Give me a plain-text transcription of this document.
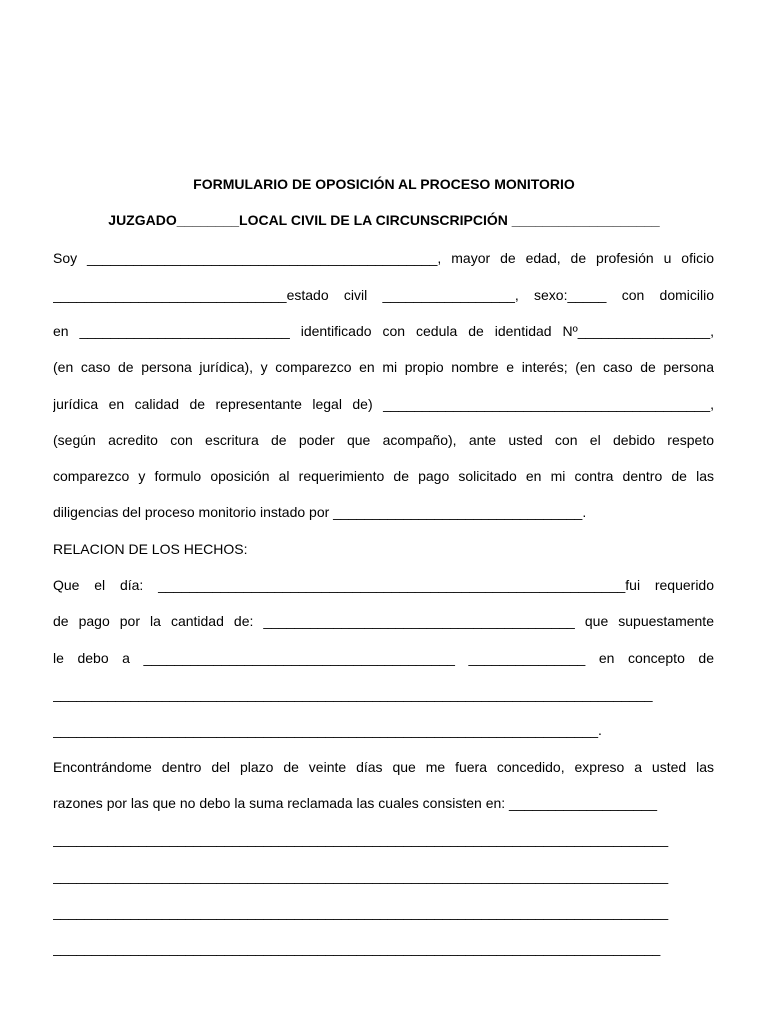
FORMULARIO DE OPOSICIÓN AL PROCESO MONITORIO
JUZGADO________LOCAL CIVIL DE LA CIRCUNSCRIPCIÓN ___________________
Soy _____________________________________________, mayor de edad, de profesión u oficio
______________________________estado civil _________________, sexo:_____ con domicilio
en ___________________________ identificado con cedula de identidad Nº_________________,
(en caso de persona jurídica), y comparezco en mi propio nombre e interés; (en caso de persona
jurídica en calidad de representante legal de) __________________________________________,
(según acredito con escritura de poder que acompaño), ante usted con el debido respeto
comparezco y formulo oposición al requerimiento de pago solicitado en mi contra dentro de las
diligencias del proceso monitorio instado por ________________________________.
RELACION DE LOS HECHOS:
Que el día: ____________________________________________________________fui requerido
de pago por la cantidad de: ________________________________________ que supuestamente
le debo a ________________________________________ _______________ en concepto de
_____________________________________________________________________________
______________________________________________________________________.
Encontrándome dentro del plazo de veinte días que me fuera concedido, expreso a usted las
razones por las que no debo la suma reclamada las cuales consisten en: ___________________
_______________________________________________________________________________
_______________________________________________________________________________
_______________________________________________________________________________
______________________________________________________________________________
